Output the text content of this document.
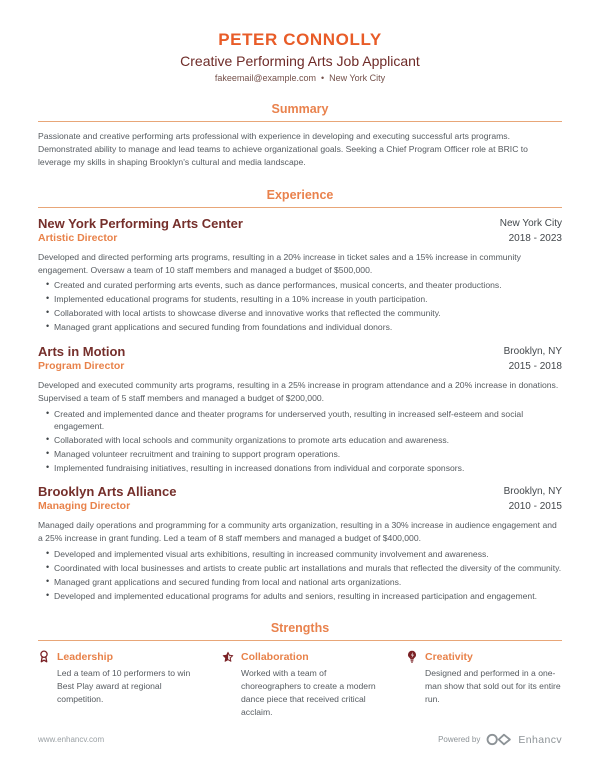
PETER CONNOLLY
Creative Performing Arts Job Applicant
fakeemail@example.com • New York City
Summary

Passionate and creative performing arts professional with experience in developing and executing successful arts programs. Demonstrated ability to manage and lead teams to achieve organizational goals. Seeking a Chief Program Officer role at BRIC to leverage my skills in shaping Brooklyn's cultural and media landscape.

Experience
New York Performing Arts Center
Artistic Director
New York City
2018 - 2023

Developed and directed performing arts programs, resulting in a 20% increase in ticket sales and a 15% increase in community engagement. Oversaw a team of 10 staff members and managed a budget of $500,000.

• Created and curated performing arts events, such as dance performances, musical concerts, and theater productions.
• Implemented educational programs for students, resulting in a 10% increase in youth participation.
• Collaborated with local artists to showcase diverse and innovative works that reflected the community.
• Managed grant applications and secured funding from foundations and individual donors.
Arts in Motion
Program Director
Brooklyn, NY
2015 - 2018

Developed and executed community arts programs, resulting in a 25% increase in program attendance and a 20% increase in donations. Supervised a team of 5 staff members and managed a budget of $200,000.

• Created and implemented dance and theater programs for underserved youth, resulting in increased self-esteem and social engagement.
• Collaborated with local schools and community organizations to promote arts education and awareness.
• Managed volunteer recruitment and training to support program operations.
• Implemented fundraising initiatives, resulting in increased donations from individual and corporate sponsors.
Brooklyn Arts Alliance
Managing Director
Brooklyn, NY
2010 - 2015

Managed daily operations and programming for a community arts organization, resulting in a 30% increase in audience engagement and a 25% increase in grant funding. Led a team of 8 staff members and managed a budget of $400,000.

• Developed and implemented visual arts exhibitions, resulting in increased community involvement and awareness.
• Coordinated with local businesses and artists to create public art installations and murals that reflected the diversity of the community.
• Managed grant applications and secured funding from local and national arts organizations.
• Developed and implemented educational programs for adults and seniors, resulting in increased participation and engagement.
Strengths
Leadership

Led a team of 10 performers to win Best Play award at regional competition.

Collaboration

Worked with a team of choreographers to create a modern dance piece that received critical acclaim.

Creativity

Designed and performed in a one-man show that sold out for its entire run.

www.enhancv.com	Powered by	Enhancv
